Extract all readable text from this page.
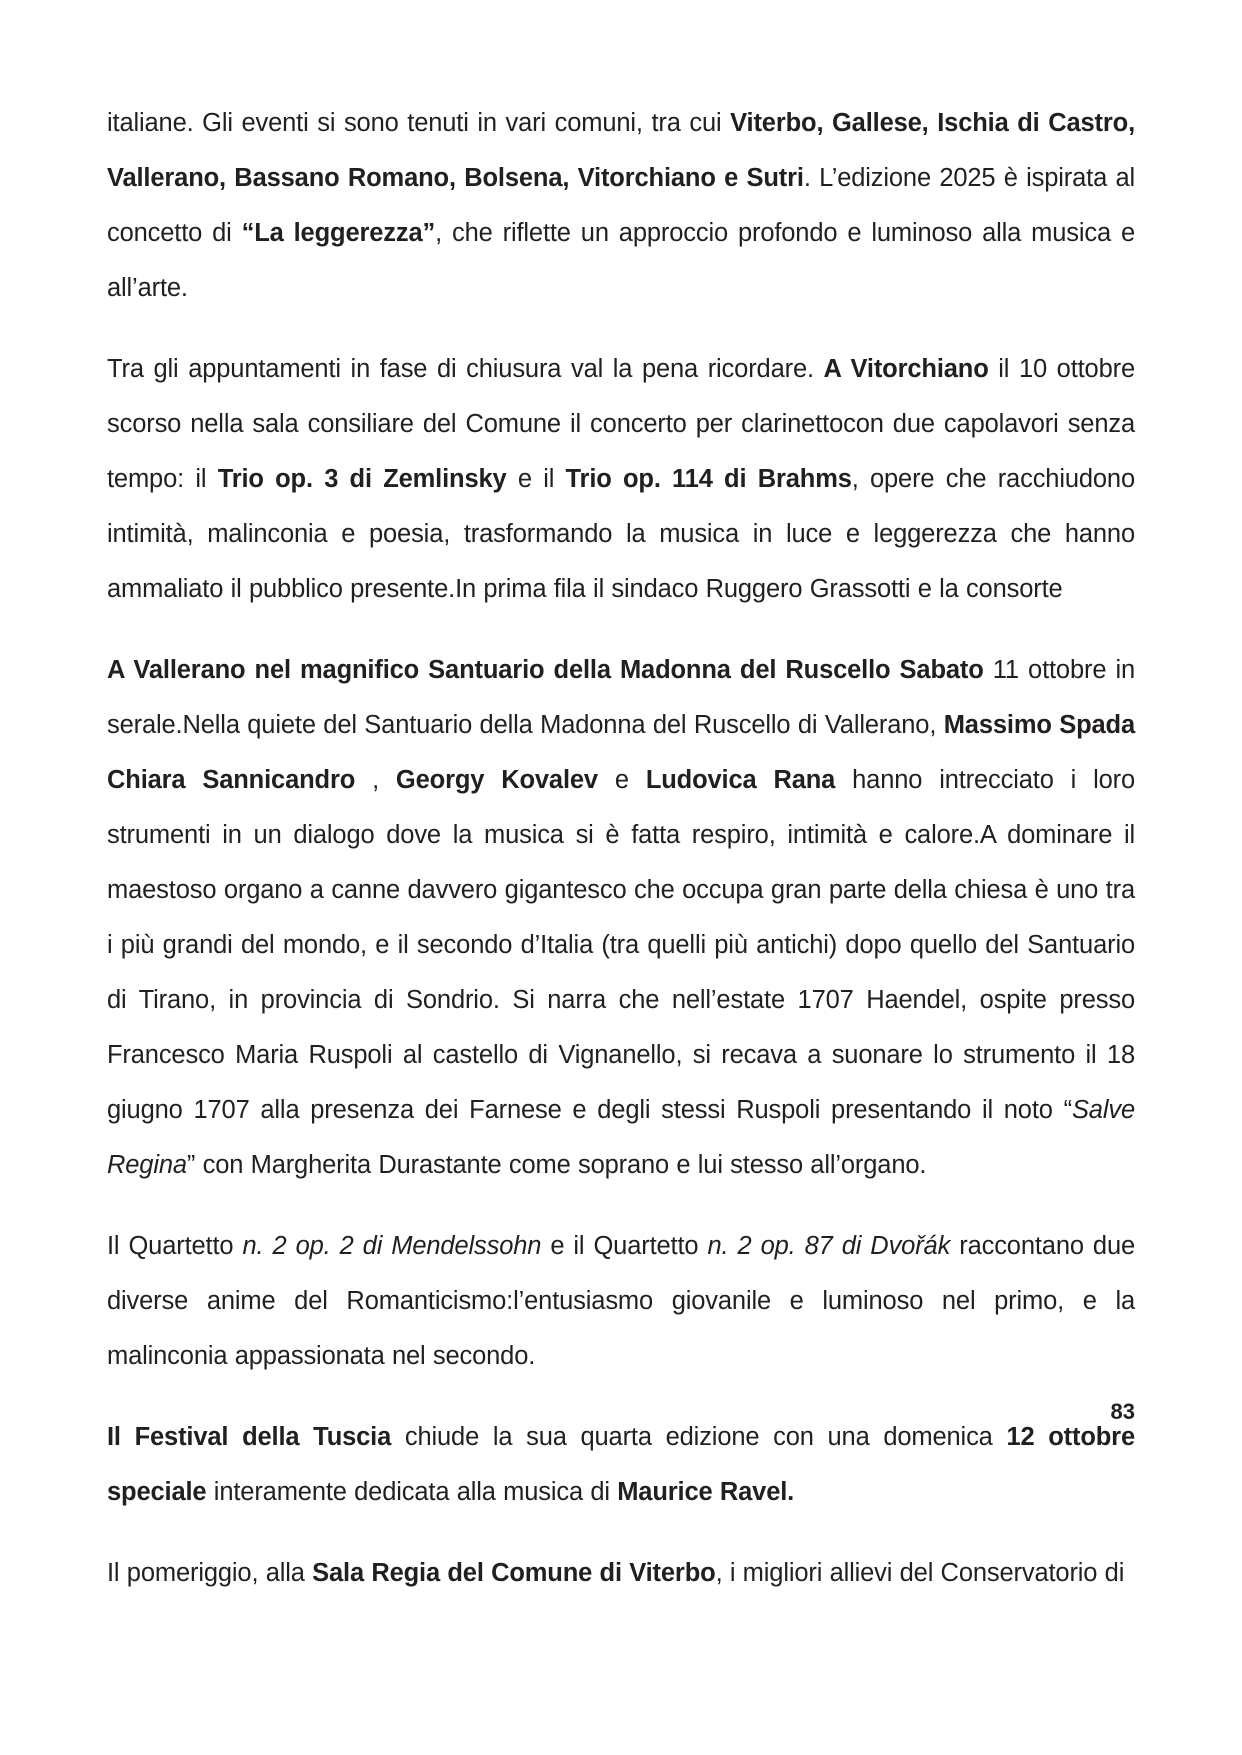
italiane. Gli eventi si sono tenuti in vari comuni, tra cui Viterbo, Gallese, Ischia di Castro, Vallerano, Bassano Romano, Bolsena, Vitorchiano e Sutri. L’edizione 2025 è ispirata al concetto di “La leggerezza”, che riflette un approccio profondo e luminoso alla musica e all’arte.

Tra gli appuntamenti in fase di chiusura val la pena ricordare. A Vitorchiano il 10 ottobre scorso nella sala consiliare del Comune il concerto per clarinettocon due capolavori senza tempo: il Trio op. 3 di Zemlinsky e il Trio op. 114 di Brahms, opere che racchiudono intimità, malinconia e poesia, trasformando la musica in luce e leggerezza che hanno ammaliato il pubblico presente.In prima fila il sindaco Ruggero Grassotti e la consorte

A Vallerano nel magnifico Santuario della Madonna del Ruscello Sabato 11 ottobre in serale.Nella quiete del Santuario della Madonna del Ruscello di Vallerano, Massimo Spada Chiara Sannicandro , Georgy Kovalev e Ludovica Rana hanno intrecciato i loro strumenti in un dialogo dove la musica si è fatta respiro, intimità e calore.A dominare il maestoso organo a canne davvero gigantesco che occupa gran parte della chiesa è uno tra i più grandi del mondo, e il secondo d’Italia (tra quelli più antichi) dopo quello del Santuario di Tirano, in provincia di Sondrio. Si narra che nell’estate 1707 Haendel, ospite presso Francesco Maria Ruspoli al castello di Vignanello, si recava a suonare lo strumento il 18 giugno 1707 alla presenza dei Farnese e degli stessi Ruspoli presentando il noto “Salve Regina” con Margherita Durastante come soprano e lui stesso all’organo.

Il Quartetto n. 2 op. 2 di Mendelssohn e il Quartetto n. 2 op. 87 di Dvořák raccontano due diverse anime del Romanticismo:l’entusiasmo giovanile e luminoso nel primo, e la malinconia appassionata nel secondo.

Il Festival della Tuscia chiude la sua quarta edizione con una domenica 12 ottobre speciale interamente dedicata alla musica di Maurice Ravel.

Il pomeriggio, alla Sala Regia del Comune di Viterbo, i migliori allievi del Conservatorio di

83
